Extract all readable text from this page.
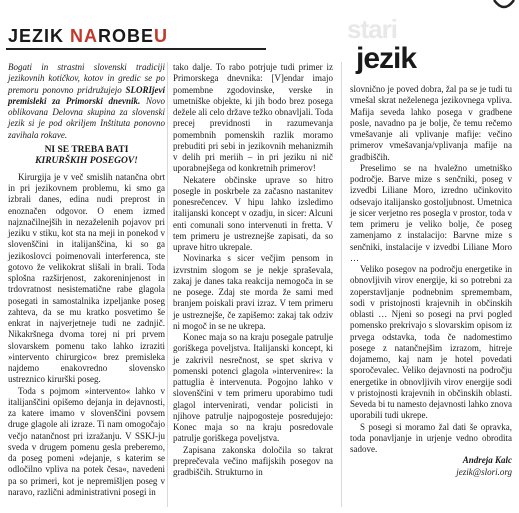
JEZIK NAROBEU	stari
jezik

Bogati in strastni slovenski tradiciji jezikovnih kotičkov, kotov in gredic se po premoru ponovno pridružujejo SLORIjevi premisleki za Primorski dnevnik. Novo oblikovana Delovna skupina za slovenski jezik si je pod okriljem Inštituta ponovno zavihala rokave.

NI SE TREBA BATI
KIRURŠKIH POSEGOV!

Kirurgija je v več smislih natančna obrt in pri jezikovnem problemu, ki smo ga izbrali danes, edina nudi preprost in enoznačen odgovor. O enem izmed najznačilnejših in nezaželenih pojavov pri jeziku v stiku, kot sta na meji in ponekod v slovenščini in italijanščina, ki so ga jezikoslovci poimenovali interferenca, ste gotovo že velikokrat slišali in brali. Toda splošna razširjenost, zakoreninjenost in trdovratnost nesistematične rabe glagola posegati in samostalnika izpeljanke poseg zahteva, da se mu kratko posvetimo še enkrat in najverjetneje tudi ne zadnjič. Nikakršnega dvoma torej ni pri prvem slovarskem pomenu tako lahko izraziti »intervento chirurgico« brez premisleka najdemo enakovredno slovensko ustreznico kirurški poseg.

Toda s pojmom »intervento« lahko v italijanščini opišemo dejanja in dejavnosti, za katere imamo v slovenščini povsem druge glagole ali izraze. Ti nam omogočajo večjo natančnost pri izražanju. V SSKJ-ju sveda v drugem pomenu gesla preberemo, da poseg pomeni »dejanje, s katerim se odločilno vpliva na potek česa«, navedeni pa so primeri, kot je nepremišljen poseg v naravo, različni administrativni posegi in

tako dalje. To rabo potrjuje tudi primer iz Primorskega dnevnika: [V]endar imajo pomembne zgodovinske, verske in umetniške objekte, ki jih bodo brez posega deželе ali celo države težko obnavljali. Toda precej previdnosti in razumevanja pomembnih pomenskih razlik moramo prebuditi pri sebi in jezikovnih mehanizmih v delih pri meriih – in pri jeziku ni nič uporabnejšega od konkretnih primerov!

Nekatere občinske uprave so hitro posegle in poskrbele za začasno nastanitev ponesrečencev. V hipu lahko izsledimo italijanski koncept v ozadju, in sicer: Alcuni enti comunali sono intervenuti in fretta. V tem primeru je ustreznejše zapisati, da so uprave hitro ukrepale.

Novinarka s sicer večjim pensom in izvrstnim slogom se je nekje spraševala, zakaj je danes taka reakcija nemogoča in se ne posege. Zdaj ste morda že sami med branjem poiskali pravi izraz. V tem primeru je ustreznejše, če zapišemo: zakaj tak odziv ni mogoč in se ne ukrepa.

Konec maja so na kraju posegale patrulje goriškega poveljstva. Italijanski koncept, ki je zakrivil nesrečnost, se spet skriva v pomenski potenci glagola »intervenire«: la pattuglia è intervenuta. Pogojno lahko v slovenščini v tem primeru uporabimo tudi glagol intervenirati, vendar policisti in njihove patrulje najpogosteje posredujejo: Konec maja so na kraju posredovale patrulje goriškega poveljstva.

Zapisana zakonska določila so takrat preprečevala večino mafijskih posegov na gradbiščih. Strukturno in

slovnično je poved dobra, žal pa se je tudi tu vmešal skrat neželenega jezikovnega vpliva. Mafija seveda lahko posega v gradbene posle, navadno pa je bolje, če temu rečemo vmešavanje ali vplivanje mafije: večino primerov vmešavanja/vplivanja mafije na gradbiščih.

Preselimo se na hvaležno umetniško področje. Barve mize s senčniki, poseg v izvedbi Liliane Moro, izredno učinkovito odsevajo italijansko gostoljubnost. Umetnica je sicer verjetno res posegla v prostor, toda v tem primeru je veliko bolje, če poseg zamenjamo z instalacijo: Barvne mize s senčniki, instalacije v izvedbi Liliane Moro …

Veliko posegov na področju energetike in obnovljivih virov energije, ki so potrebni za zoperstavljanje podnebnim spremembam, sodi v pristojnosti krajevnih in občinskih oblasti … Njeni so posegi na prvi pogled pomensko prekrivajo s slovarskim opisom iz prvega odstavka, toda če nadomestimo posege z natančnejšim izrazom, hitreje dojamemo, kaj nam je hotel povedati sporočevalec. Veliko dejavnosti na področju energetike in obnovljivih virov energije sodi v pristojnosti krajevnih in občinskih oblasti. Seveda bi tu namesto dejavnosti lahko znova uporabili tudi ukrepe.

S posegi si moramo žal dati še opravka, toda ponavljanje in urjenje vedno obrodita sadove.

Andreja Kalc

jezik@slori.org
